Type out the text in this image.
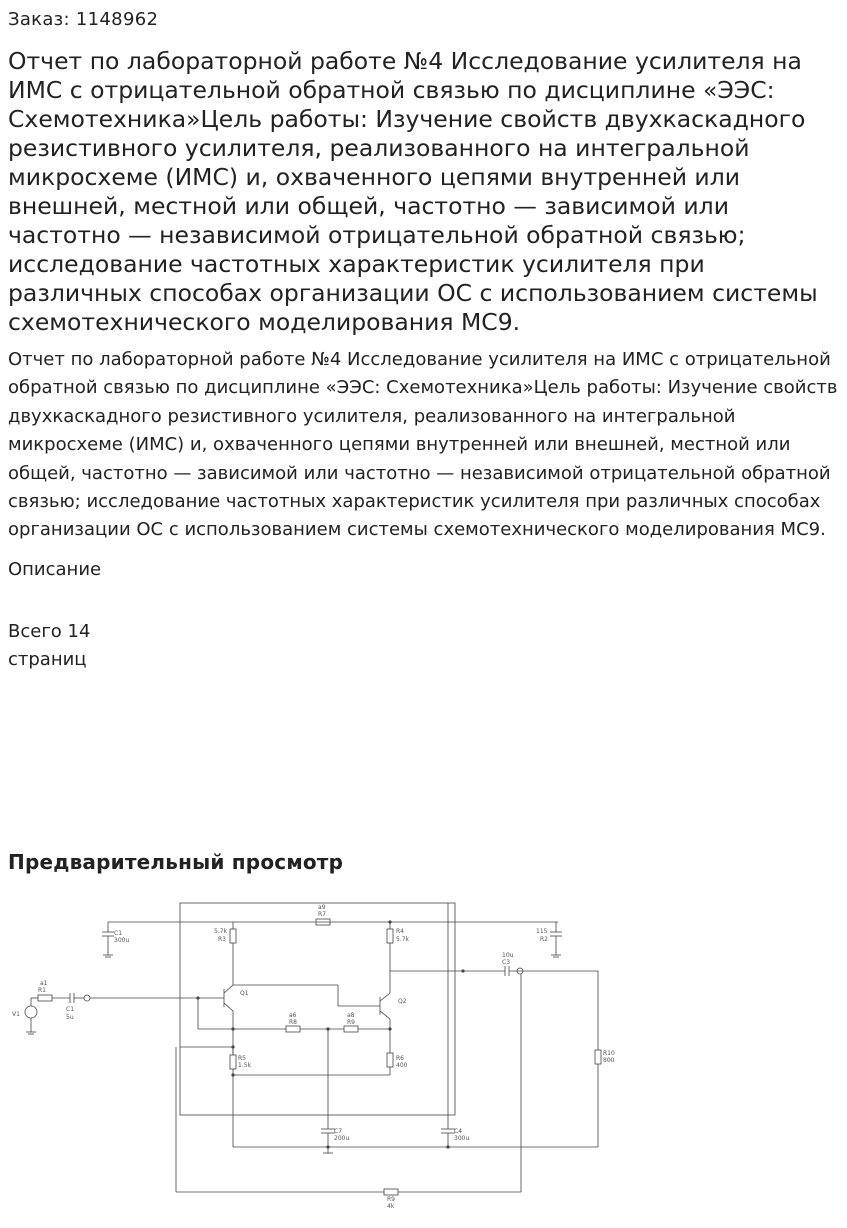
Заказ: 1148962

Отчет по лабораторной работе №4 Исследование усилителя на ИМС с отрицательной обратной связью по дисциплине «ЭЭС: Схемотехника»Цель работы: Изучение свойств двухкаскадного резистивного усилителя, реализованного на интегральной микросхеме (ИМС) и, охваченного цепями внутренней или внешней, местной или общей, частотно — зависимой или частотно — независимой отрицательной обратной связью; исследование частотных характеристик усилителя при различных способах организации ОС с использованием системы схемотехнического моделирования МС9.

Отчет по лабораторной работе №4 Исследование усилителя на ИМС с отрицательной обратной связью по дисциплине «ЭЭС: Схемотехника»Цель работы: Изучение свойств двухкаскадного резистивного усилителя, реализованного на интегральной микросхеме (ИМС) и, охваченного цепями внутренней или внешней, местной или общей, частотно — зависимой или частотно — независимой отрицательной обратной связью; исследование частотных характеристик усилителя при различных способах организации ОС с использованием системы схемотехнического моделирования МС9.

Описание

Всего 14 страниц

Предварительный просмотр
C1
300u
a9
R7
5.7k
R3
R4
5.7k
115
R2
10u
C3
a1
R1
C1
5u
V1
Q1
Q2
a6
R8
a8
R9
R5
1.5k
R6
400
R10
800
C7
200u
C4
300u
R9
4k
